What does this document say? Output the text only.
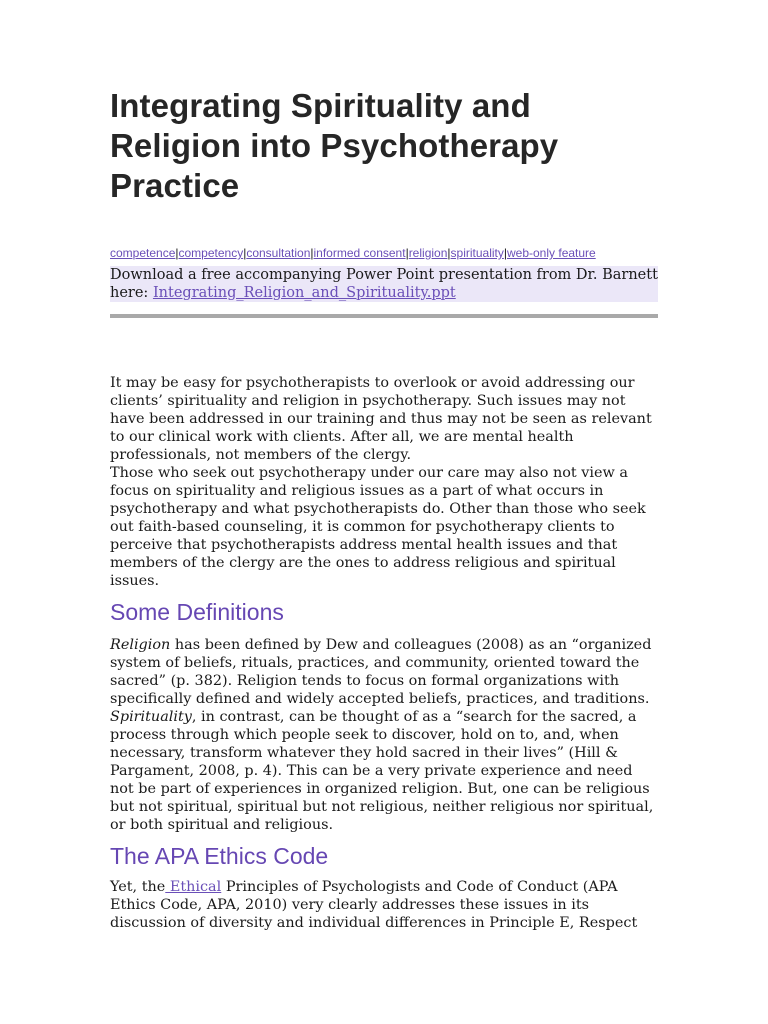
Integrating Spirituality and Religion into Psychotherapy Practice
competence|competency|consultation|informed consent|religion|spirituality|web-only feature
Download a free accompanying Power Point presentation from Dr. Barnett here: Integrating_Religion_and_Spirituality.ppt

It may be easy for psychotherapists to overlook or avoid addressing our clients’ spirituality and religion in psychotherapy. Such issues may not have been addressed in our training and thus may not be seen as relevant to our clinical work with clients. After all, we are mental health professionals, not members of the clergy.

Those who seek out psychotherapy under our care may also not view a focus on spirituality and religious issues as a part of what occurs in psychotherapy and what psychotherapists do. Other than those who seek out faith-based counseling, it is common for psychotherapy clients to perceive that psychotherapists address mental health issues and that members of the clergy are the ones to address religious and spiritual issues.

Some Definitions

Religion has been defined by Dew and colleagues (2008) as an “organized system of beliefs, rituals, practices, and community, oriented toward the sacred” (p. 382). Religion tends to focus on formal organizations with specifically defined and widely accepted beliefs, practices, and traditions.

Spirituality, in contrast, can be thought of as a “search for the sacred, a process through which people seek to discover, hold on to, and, when necessary, transform whatever they hold sacred in their lives” (Hill & Pargament, 2008, p. 4). This can be a very private experience and need not be part of experiences in organized religion. But, one can be religious but not spiritual, spiritual but not religious, neither religious nor spiritual, or both spiritual and religious.

The APA Ethics Code

Yet, the Ethical Principles of Psychologists and Code of Conduct (APA Ethics Code, APA, 2010) very clearly addresses these issues in its discussion of diversity and individual differences in Principle E, Respect
